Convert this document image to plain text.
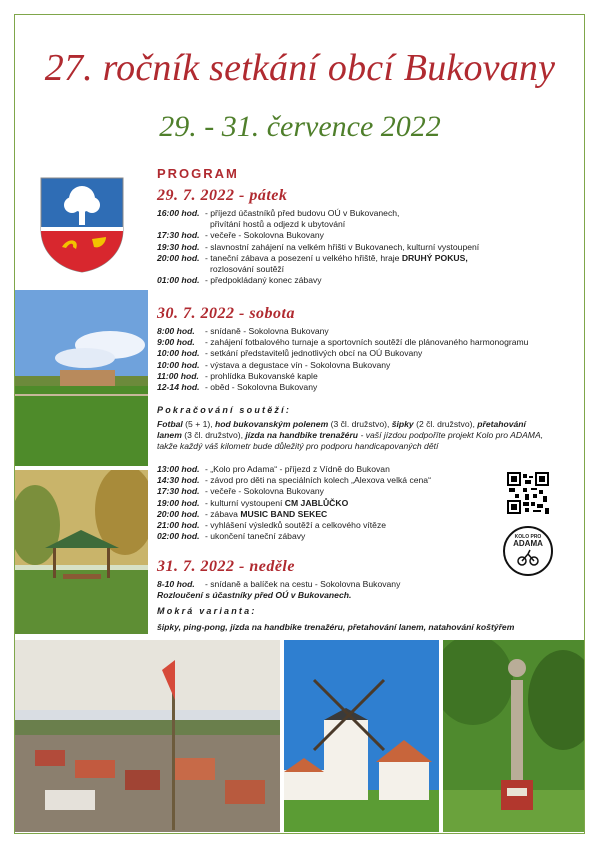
27. ročník setkání obcí Bukovany
29. - 31. července 2022
PROGRAM
29. 7. 2022 - pátek
16:00 hod. - příjezd účastníků před budovu OÚ v Bukovanech,
přivítání hostů a odjezd k ubytování
17:30 hod. - večeře - Sokolovna Bukovany
19:30 hod. - slavnostní zahájení na velkém hřišti v Bukovanech, kulturní vystoupení
20:00 hod. - taneční zábava a posezení u velkého hřiště, hraje DRUHÝ POKUS,
rozlosování soutěží
01:00 hod. - předpokládaný konec zábavy
30. 7. 2022 - sobota
8:00 hod. - snídaně - Sokolovna Bukovany
9:00 hod. - zahájení fotbalového turnaje a sportovních soutěží dle plánovaného harmonogramu
10:00 hod. - setkání představitelů jednotlivých obcí na OÚ Bukovany
10:00 hod. - výstava a degustace vín - Sokolovna Bukovany
11:00 hod. - prohlídka Bukovanské kaple
12-14 hod. - oběd - Sokolovna Bukovany
Pokračování soutěží:
Fotbal (5 + 1), hod bukovanským polenem (3 čl. družstvo), šipky (2 čl. družstvo), přetahování lanem (3 čl. družstvo), jízda na handbike trenažéru - vaší jízdou podpoříte projekt Kolo pro ADAMA, takže každý váš kilometr bude důležitý pro podporu handicapovaných dětí
13:00 hod. - „Kolo pro Adama“ - příjezd z Vídně do Bukovan
14:30 hod. - závod pro děti na speciálních kolech „Alexova velká cena“
17:30 hod. - večeře - Sokolovna Bukovany
19:00 hod. - kulturní vystoupení CM JABLŮČKO
20:00 hod. - zábava MUSIC BAND SEKEC
21:00 hod. - vyhlášení výsledků soutěží a celkového vítěze
02:00 hod. - ukončení taneční zábavy	KOLO PRO
ADAMA
31. 7. 2022 - neděle
8-10 hod. - snídaně a balíček na cestu - Sokolovna Bukovany
Rozloučení s účastníky před OÚ v Bukovanech.
Mokrá varianta:
šipky, ping-pong, jízda na handbike trenažéru, přetahování lanem, natahování koštýřem
